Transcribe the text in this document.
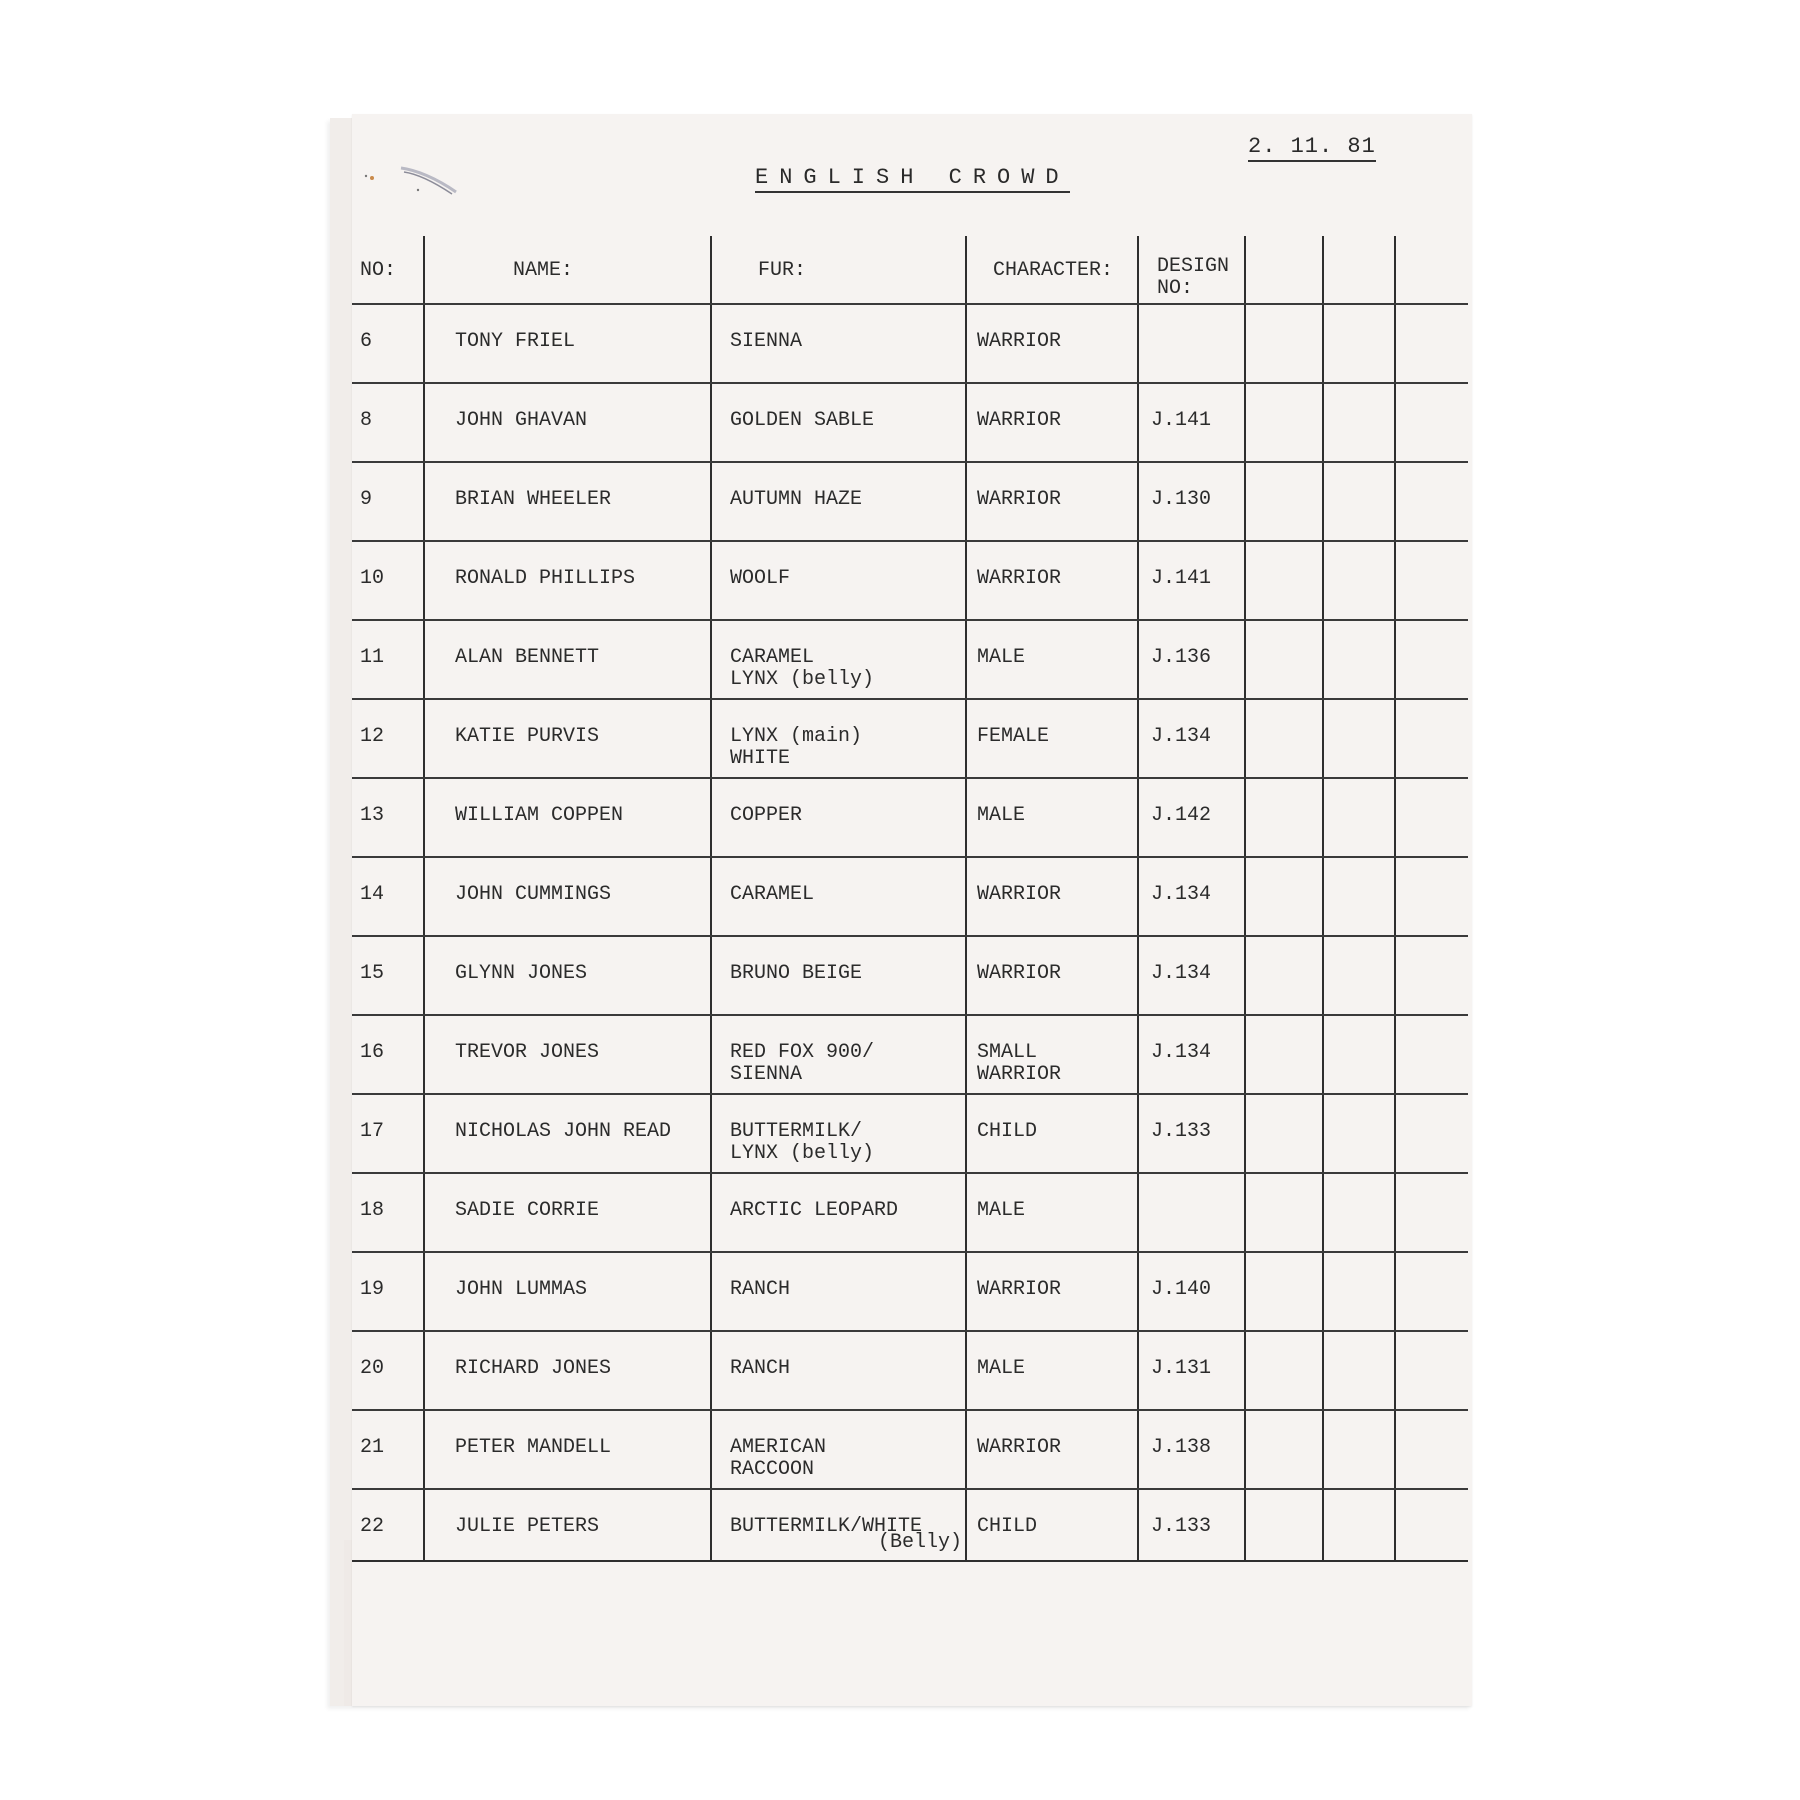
2. 11. 81
ENGLISH CROWD
NO:	NAME:	FUR:	CHARACTER:	DESIGN
NO:			

6	TONY FRIEL	SIENNA	WARRIOR

8	JOHN GHAVAN	GOLDEN SABLE	WARRIOR	J.141			
9	BRIAN WHEELER	AUTUMN HAZE	WARRIOR	J.130			
10	RONALD PHILLIPS	WOOLF	WARRIOR	J.141			
11	ALAN BENNETT	CARAMEL
LYNX (belly)	MALE	J.136			
12	KATIE PURVIS	LYNX (main)
WHITE	FEMALE	J.134			
13	WILLIAM COPPEN	COPPER	MALE	J.142			
14	JOHN CUMMINGS	CARAMEL	WARRIOR	J.134			
15	GLYNN JONES	BRUNO BEIGE	WARRIOR	J.134			
16	TREVOR JONES	RED FOX 900/
SIENNA	SMALL
WARRIOR	J.134			
17	NICHOLAS JOHN READ	BUTTERMILK/
LYNX (belly)	CHILD	J.133			
18	SADIE CORRIE	ARCTIC LEOPARD	MALE

19	JOHN LUMMAS	RANCH	WARRIOR	J.140			
20	RICHARD JONES	RANCH	MALE	J.131			
21	PETER MANDELL	AMERICAN
RACCOON	WARRIOR	J.138			
22	JULIE PETERS	BUTTERMILK/WHITE
(Belly)	CHILD	J.133			
